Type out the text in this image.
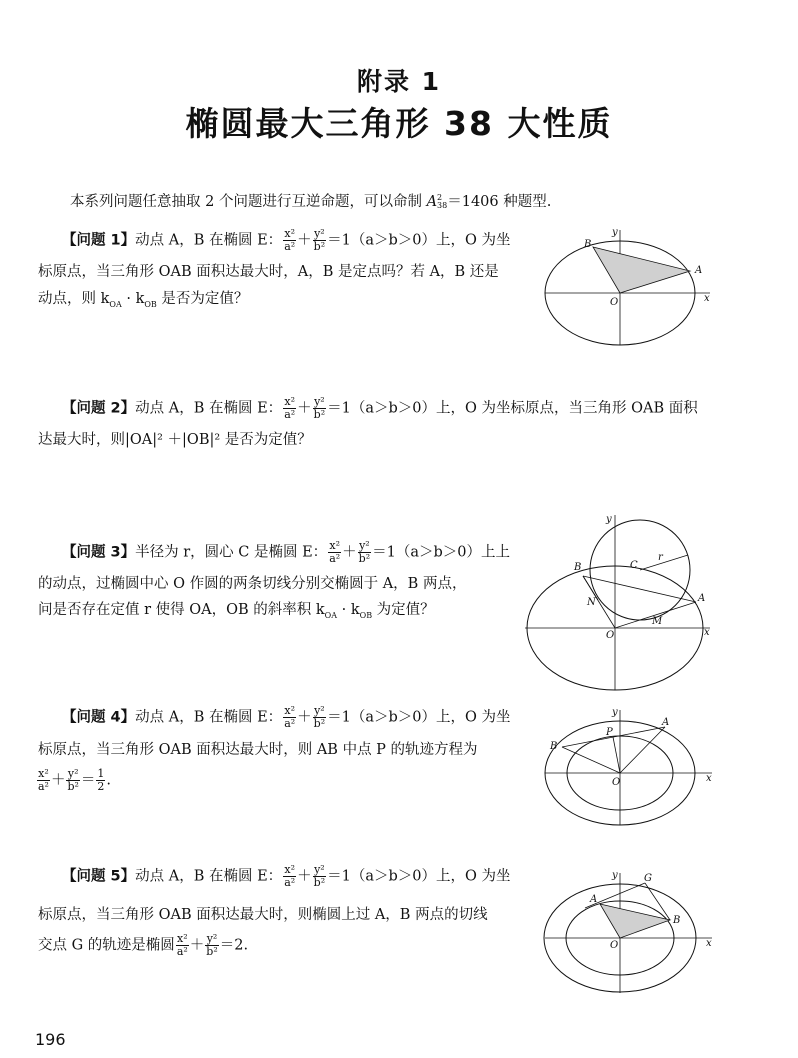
附录 1
椭圆最大三角形 38 大性质
本系列问题任意抽取 2 个问题进行互逆命题，可以命制 A 2
38 ＝1406 种题型.
【问题 1】动点 A，B 在椭圆 E： $\frac{\text{x²}}{\text{a²}} + \frac{\text{y²}}{\text{b²}} =1(a>b>0)$上，O 为坐
标原点，当三角形 OAB 面积达最大时，A，B 是定点吗？若 A，B 还是
动点，则 $k_{OA} \cdot k_{OB}$ 是否为定值？	x
y
O
A
B
【问题 2】动点 A，B 在椭圆 E： $\frac{\text{x²}}{\text{a²}} + \frac{\text{y²}}{\text{b²}} =1(a>b>0)$上，O 为坐标原点，当三角形 OAB 面积
达最大时，则|OA|² ＋|OB|² 是否为定值？
【问题 3】半径为 r，圆心 C 是椭圆 E： $\frac{\text{x²}}{\text{a²}} + \frac{\text{y²}}{\text{b²}} =1(a>b>0)$上上
的动点，过椭圆中心 O 作圆的两条切线分别交椭圆于 A，B 两点，
问是否存在定值 r 使得 OA，OB 的斜率积 $k_{OA} \cdot k_{OB}$ 为定值？
x
y
O
A
B	C
r
N
M
【问题 4】动点 A，B 在椭圆 E： $\frac{\text{x²}}{\text{a²}} + \frac{\text{y²}}{\text{b²}} =1(a>b>0)$上，O 为坐
标原点，当三角形 OAB 面积达最大时，则 AB 中点 P 的轨迹方程为
$\frac{\text{x²}}{\text{a²}} + \frac{\text{y²}}{\text{b²}} = \frac{1}{2}$ .	x
y
O
A
B
P
【问题 5】动点 A，B 在椭圆 E： $\frac{\text{x²}}{\text{a²}} + \frac{\text{y²}}{\text{b²}} =1(a>b>0)$上，O 为坐
标原点，当三角形 OAB 面积达最大时，则椭圆上过 A，B 两点的切线
交点 G 的轨迹是椭圆 $\frac{\text{x²}}{\text{a²}} + \frac{\text{y²}}{\text{b²}} =2$.	x
y
O
A
B
G
196
